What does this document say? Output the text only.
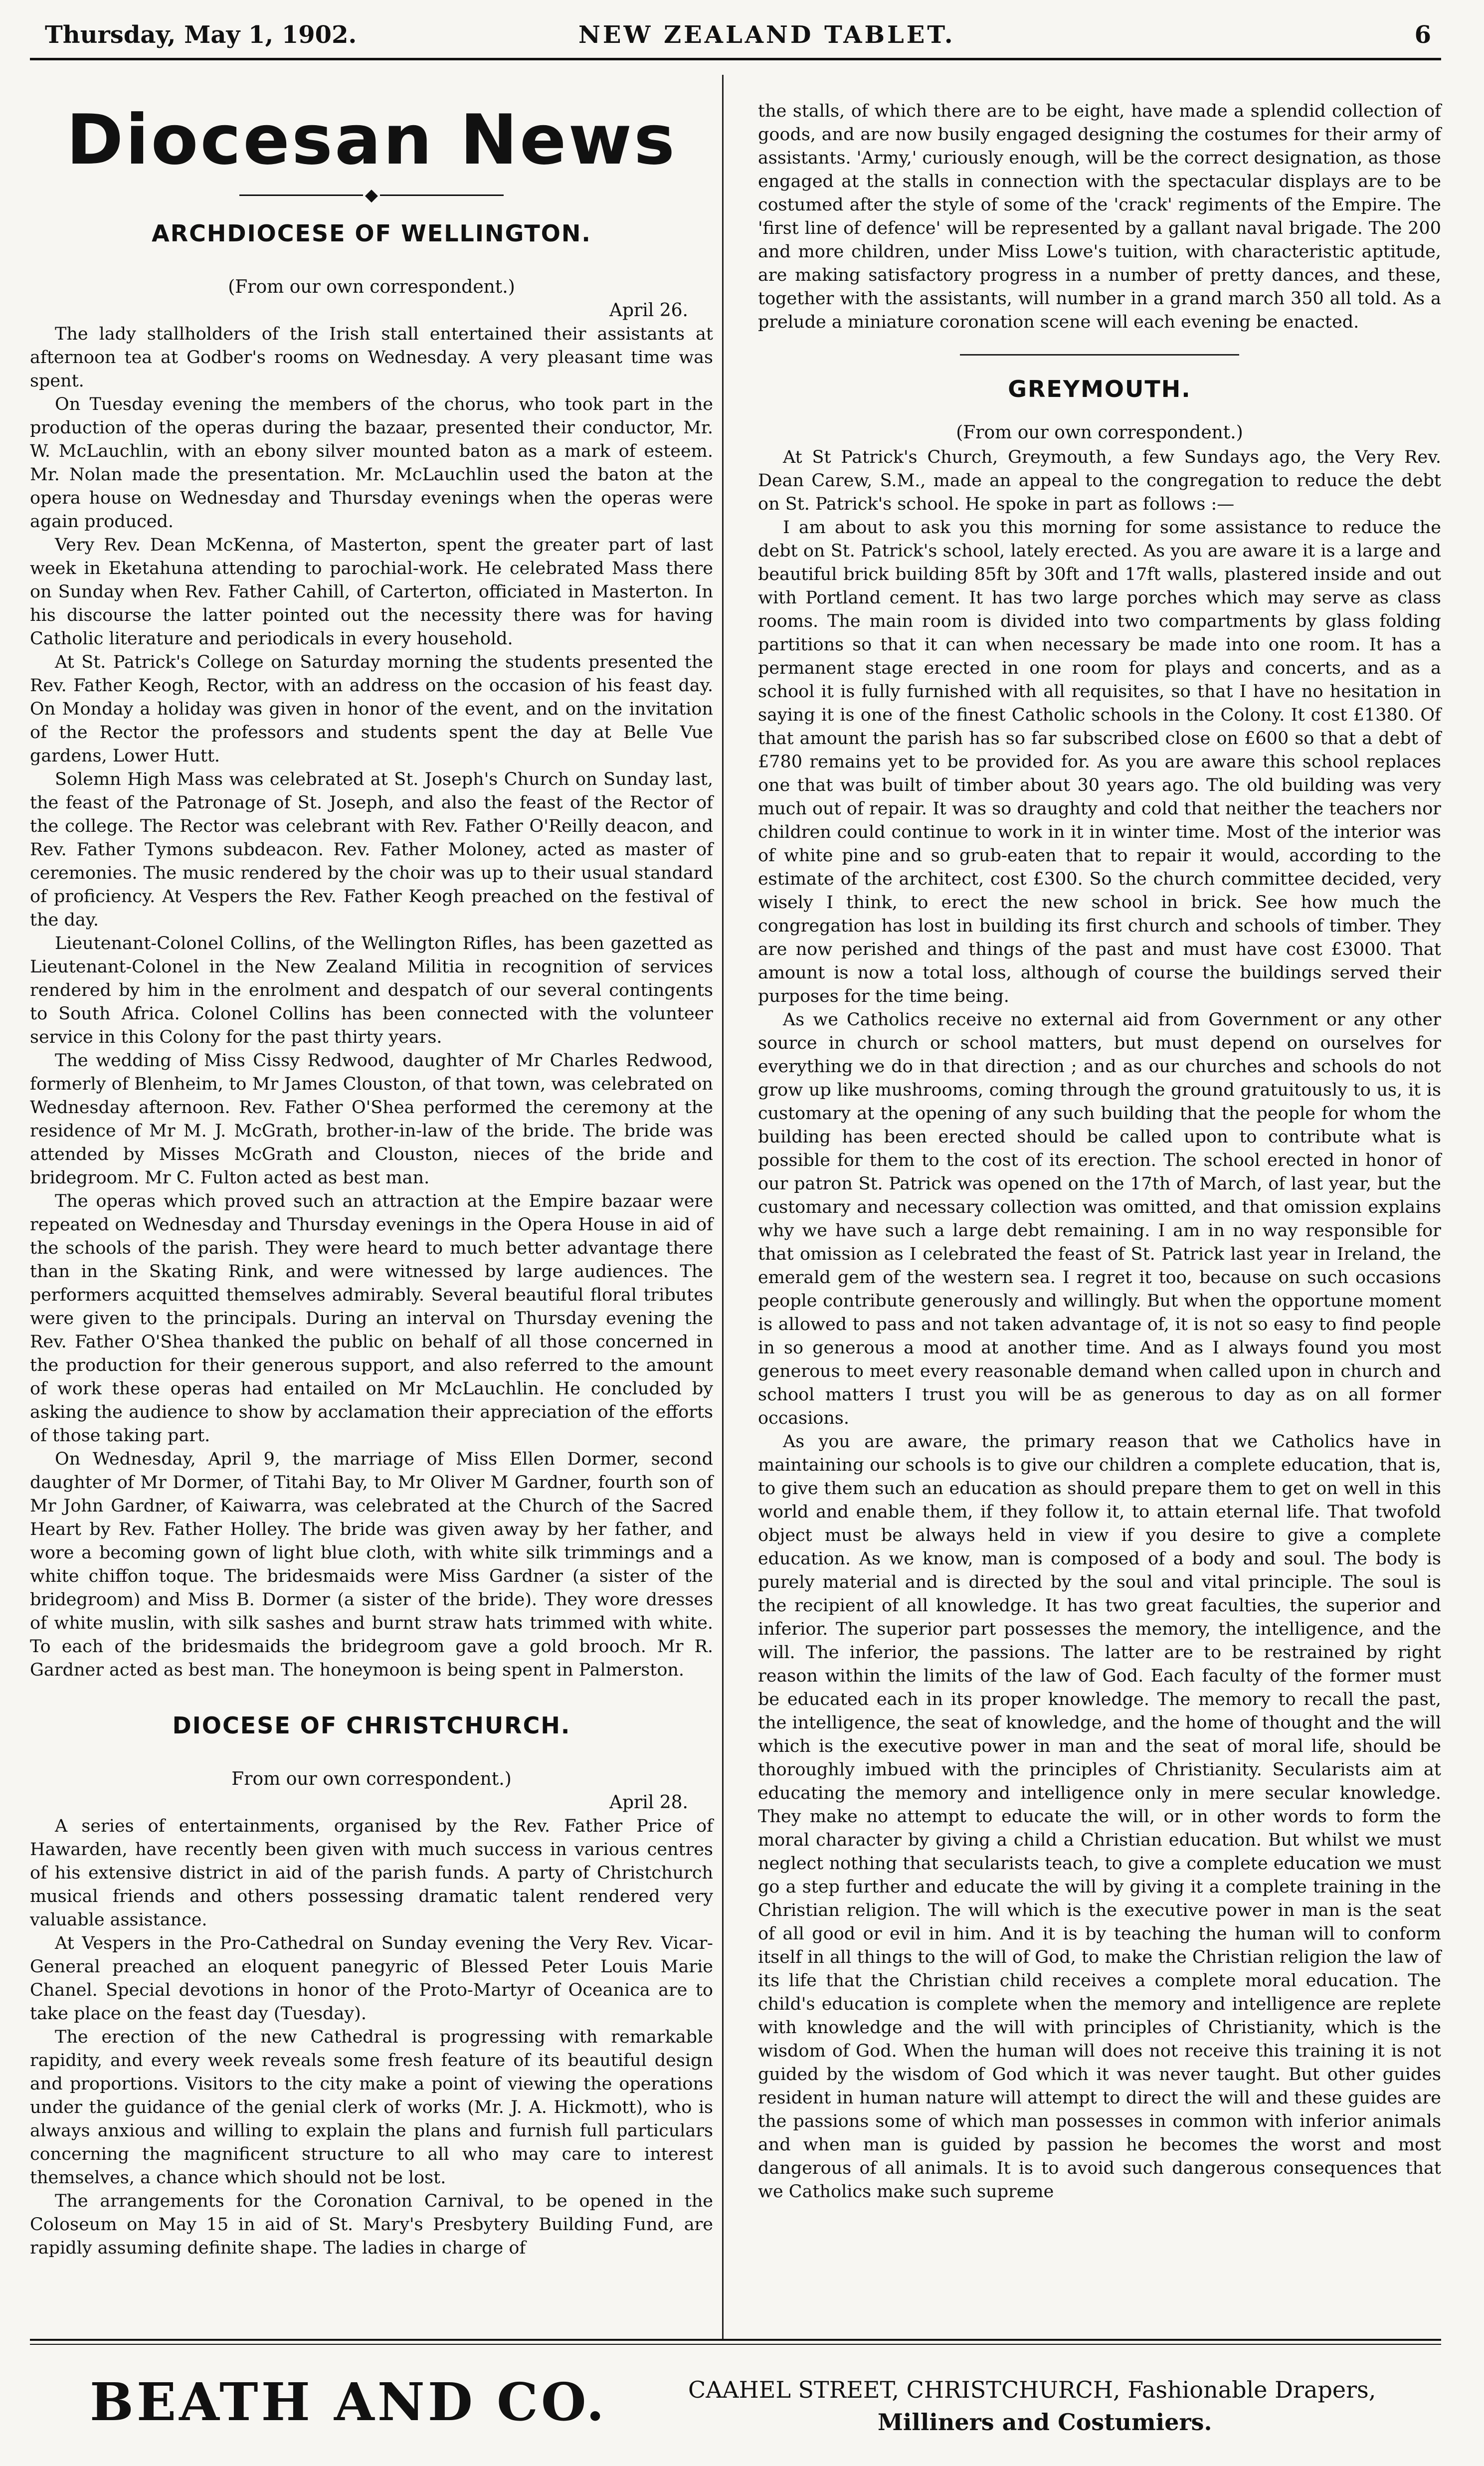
Thursday, May 1, 1902.	NEW ZEALAND TABLET.	6
Diocesan News
◆
ARCHDIOCESE OF WELLINGTON.
(From our own correspondent.)
April 26.

The lady stallholders of the Irish stall entertained their assistants at afternoon tea at Godber's rooms on Wednesday. A very pleasant time was spent.

On Tuesday evening the members of the chorus, who took part in the production of the operas during the bazaar, presented their conductor, Mr. W. McLauchlin, with an ebony silver mounted baton as a mark of esteem. Mr. Nolan made the presentation. Mr. McLauchlin used the baton at the opera house on Wednesday and Thursday evenings when the operas were again produced.

Very Rev. Dean McKenna, of Masterton, spent the greater part of last week in Eketahuna attending to parochial-work. He celebrated Mass there on Sunday when Rev. Father Cahill, of Carterton, officiated in Masterton. In his discourse the latter pointed out the necessity there was for having Catholic literature and periodicals in every household.

At St. Patrick's College on Saturday morning the students presented the Rev. Father Keogh, Rector, with an address on the occasion of his feast day. On Monday a holiday was given in honor of the event, and on the invitation of the Rector the professors and students spent the day at Belle Vue gardens, Lower Hutt.

Solemn High Mass was celebrated at St. Joseph's Church on Sunday last, the feast of the Patronage of St. Joseph, and also the feast of the Rector of the college. The Rector was celebrant with Rev. Father O'Reilly deacon, and Rev. Father Tymons subdeacon. Rev. Father Moloney, acted as master of ceremonies. The music rendered by the choir was up to their usual standard of proficiency. At Vespers the Rev. Father Keogh preached on the festival of the day.

Lieutenant-Colonel Collins, of the Wellington Rifles, has been gazetted as Lieutenant-Colonel in the New Zealand Militia in recognition of services rendered by him in the enrolment and despatch of our several contingents to South Africa. Colonel Collins has been connected with the volunteer service in this Colony for the past thirty years.

The wedding of Miss Cissy Redwood, daughter of Mr Charles Redwood, formerly of Blenheim, to Mr James Clouston, of that town, was celebrated on Wednesday afternoon. Rev. Father O'Shea performed the ceremony at the residence of Mr M. J. McGrath, brother-in-law of the bride. The bride was attended by Misses McGrath and Clouston, nieces of the bride and bridegroom. Mr C. Fulton acted as best man.

The operas which proved such an attraction at the Empire bazaar were repeated on Wednesday and Thursday evenings in the Opera House in aid of the schools of the parish. They were heard to much better advantage there than in the Skating Rink, and were witnessed by large audiences. The performers acquitted themselves admirably. Several beautiful floral tributes were given to the principals. During an interval on Thursday evening the Rev. Father O'Shea thanked the public on behalf of all those concerned in the production for their generous support, and also referred to the amount of work these operas had entailed on Mr McLauchlin. He concluded by asking the audience to show by acclamation their appreciation of the efforts of those taking part.

On Wednesday, April 9, the marriage of Miss Ellen Dormer, second daughter of Mr Dormer, of Titahi Bay, to Mr Oliver M Gardner, fourth son of Mr John Gardner, of Kaiwarra, was celebrated at the Church of the Sacred Heart by Rev. Father Holley. The bride was given away by her father, and wore a becoming gown of light blue cloth, with white silk trimmings and a white chiffon toque. The bridesmaids were Miss Gardner (a sister of the bridegroom) and Miss B. Dormer (a sister of the bride). They wore dresses of white muslin, with silk sashes and burnt straw hats trimmed with white. To each of the bridesmaids the bridegroom gave a gold brooch. Mr R. Gardner acted as best man. The honeymoon is being spent in Palmerston.

DIOCESE OF CHRISTCHURCH.
From our own correspondent.)
April 28.

A series of entertainments, organised by the Rev. Father Price of Hawarden, have recently been given with much success in various centres of his extensive district in aid of the parish funds. A party of Christchurch musical friends and others possessing dramatic talent rendered very valuable assistance.

At Vespers in the Pro-Cathedral on Sunday evening the Very Rev. Vicar-General preached an eloquent panegyric of Blessed Peter Louis Marie Chanel. Special devotions in honor of the Proto-Martyr of Oceanica are to take place on the feast day (Tuesday).

The erection of the new Cathedral is progressing with remarkable rapidity, and every week reveals some fresh feature of its beautiful design and proportions. Visitors to the city make a point of viewing the operations under the guidance of the genial clerk of works (Mr. J. A. Hickmott), who is always anxious and willing to explain the plans and furnish full particulars concerning the magnificent structure to all who may care to interest themselves, a chance which should not be lost.

The arrangements for the Coronation Carnival, to be opened in the Coloseum on May 15 in aid of St. Mary's Presbytery Building Fund, are rapidly assuming definite shape. The ladies in charge of

the stalls, of which there are to be eight, have made a splendid collection of goods, and are now busily engaged designing the costumes for their army of assistants. 'Army,' curiously enough, will be the correct designation, as those engaged at the stalls in connection with the spectacular displays are to be costumed after the style of some of the 'crack' regiments of the Empire. The 'first line of defence' will be represented by a gallant naval brigade. The 200 and more children, under Miss Lowe's tuition, with characteristic aptitude, are making satisfactory progress in a number of pretty dances, and these, together with the assistants, will number in a grand march 350 all told. As a prelude a miniature coronation scene will each evening be enacted.

GREYMOUTH.
(From our own correspondent.)

At St Patrick's Church, Greymouth, a few Sundays ago, the Very Rev. Dean Carew, S.M., made an appeal to the congregation to reduce the debt on St. Patrick's school. He spoke in part as follows :—

I am about to ask you this morning for some assistance to reduce the debt on St. Patrick's school, lately erected. As you are aware it is a large and beautiful brick building 85ft by 30ft and 17ft walls, plastered inside and out with Portland cement. It has two large porches which may serve as class rooms. The main room is divided into two compartments by glass folding partitions so that it can when necessary be made into one room. It has a permanent stage erected in one room for plays and concerts, and as a school it is fully furnished with all requisites, so that I have no hesitation in saying it is one of the finest Catholic schools in the Colony. It cost £1380. Of that amount the parish has so far subscribed close on £600 so that a debt of £780 remains yet to be provided for. As you are aware this school replaces one that was built of timber about 30 years ago. The old building was very much out of repair. It was so draughty and cold that neither the teachers nor children could continue to work in it in winter time. Most of the interior was of white pine and so grub-eaten that to repair it would, according to the estimate of the architect, cost £300. So the church committee decided, very wisely I think, to erect the new school in brick. See how much the congregation has lost in building its first church and schools of timber. They are now perished and things of the past and must have cost £3000. That amount is now a total loss, although of course the buildings served their purposes for the time being.

As we Catholics receive no external aid from Government or any other source in church or school matters, but must depend on ourselves for everything we do in that direction ; and as our churches and schools do not grow up like mushrooms, coming through the ground gratuitously to us, it is customary at the opening of any such building that the people for whom the building has been erected should be called upon to contribute what is possible for them to the cost of its erection. The school erected in honor of our patron St. Patrick was opened on the 17th of March, of last year, but the customary and necessary collection was omitted, and that omission explains why we have such a large debt remaining. I am in no way responsible for that omission as I celebrated the feast of St. Patrick last year in Ireland, the emerald gem of the western sea. I regret it too, because on such occasions people contribute generously and willingly. But when the opportune moment is allowed to pass and not taken advantage of, it is not so easy to find people in so generous a mood at another time. And as I always found you most generous to meet every reasonable demand when called upon in church and school matters I trust you will be as generous to day as on all former occasions.

As you are aware, the primary reason that we Catholics have in maintaining our schools is to give our children a complete education, that is, to give them such an education as should prepare them to get on well in this world and enable them, if they follow it, to attain eternal life. That twofold object must be always held in view if you desire to give a complete education. As we know, man is composed of a body and soul. The body is purely material and is directed by the soul and vital principle. The soul is the recipient of all knowledge. It has two great faculties, the superior and inferior. The superior part possesses the memory, the intelligence, and the will. The inferior, the passions. The latter are to be restrained by right reason within the limits of the law of God. Each faculty of the former must be educated each in its proper knowledge. The memory to recall the past, the intelligence, the seat of knowledge, and the home of thought and the will which is the executive power in man and the seat of moral life, should be thoroughly imbued with the principles of Christianity. Secularists aim at educating the memory and intelligence only in mere secular knowledge. They make no attempt to educate the will, or in other words to form the moral character by giving a child a Christian education. But whilst we must neglect nothing that secularists teach, to give a complete education we must go a step further and educate the will by giving it a complete training in the Christian religion. The will which is the executive power in man is the seat of all good or evil in him. And it is by teaching the human will to conform itself in all things to the will of God, to make the Christian religion the law of its life that the Christian child receives a complete moral education. The child's education is complete when the memory and intelligence are replete with knowledge and the will with principles of Christianity, which is the wisdom of God. When the human will does not receive this training it is not guided by the wisdom of God which it was never taught. But other guides resident in human nature will attempt to direct the will and these guides are the passions some of which man possesses in common with inferior animals and when man is guided by passion he becomes the worst and most dangerous of all animals. It is to avoid such dangerous consequences that we Catholics make such supreme

BEATH AND CO.	CAAHEL STREET, CHRISTCHURCH, Fashionable Drapers,
Milliners and Costumiers.
